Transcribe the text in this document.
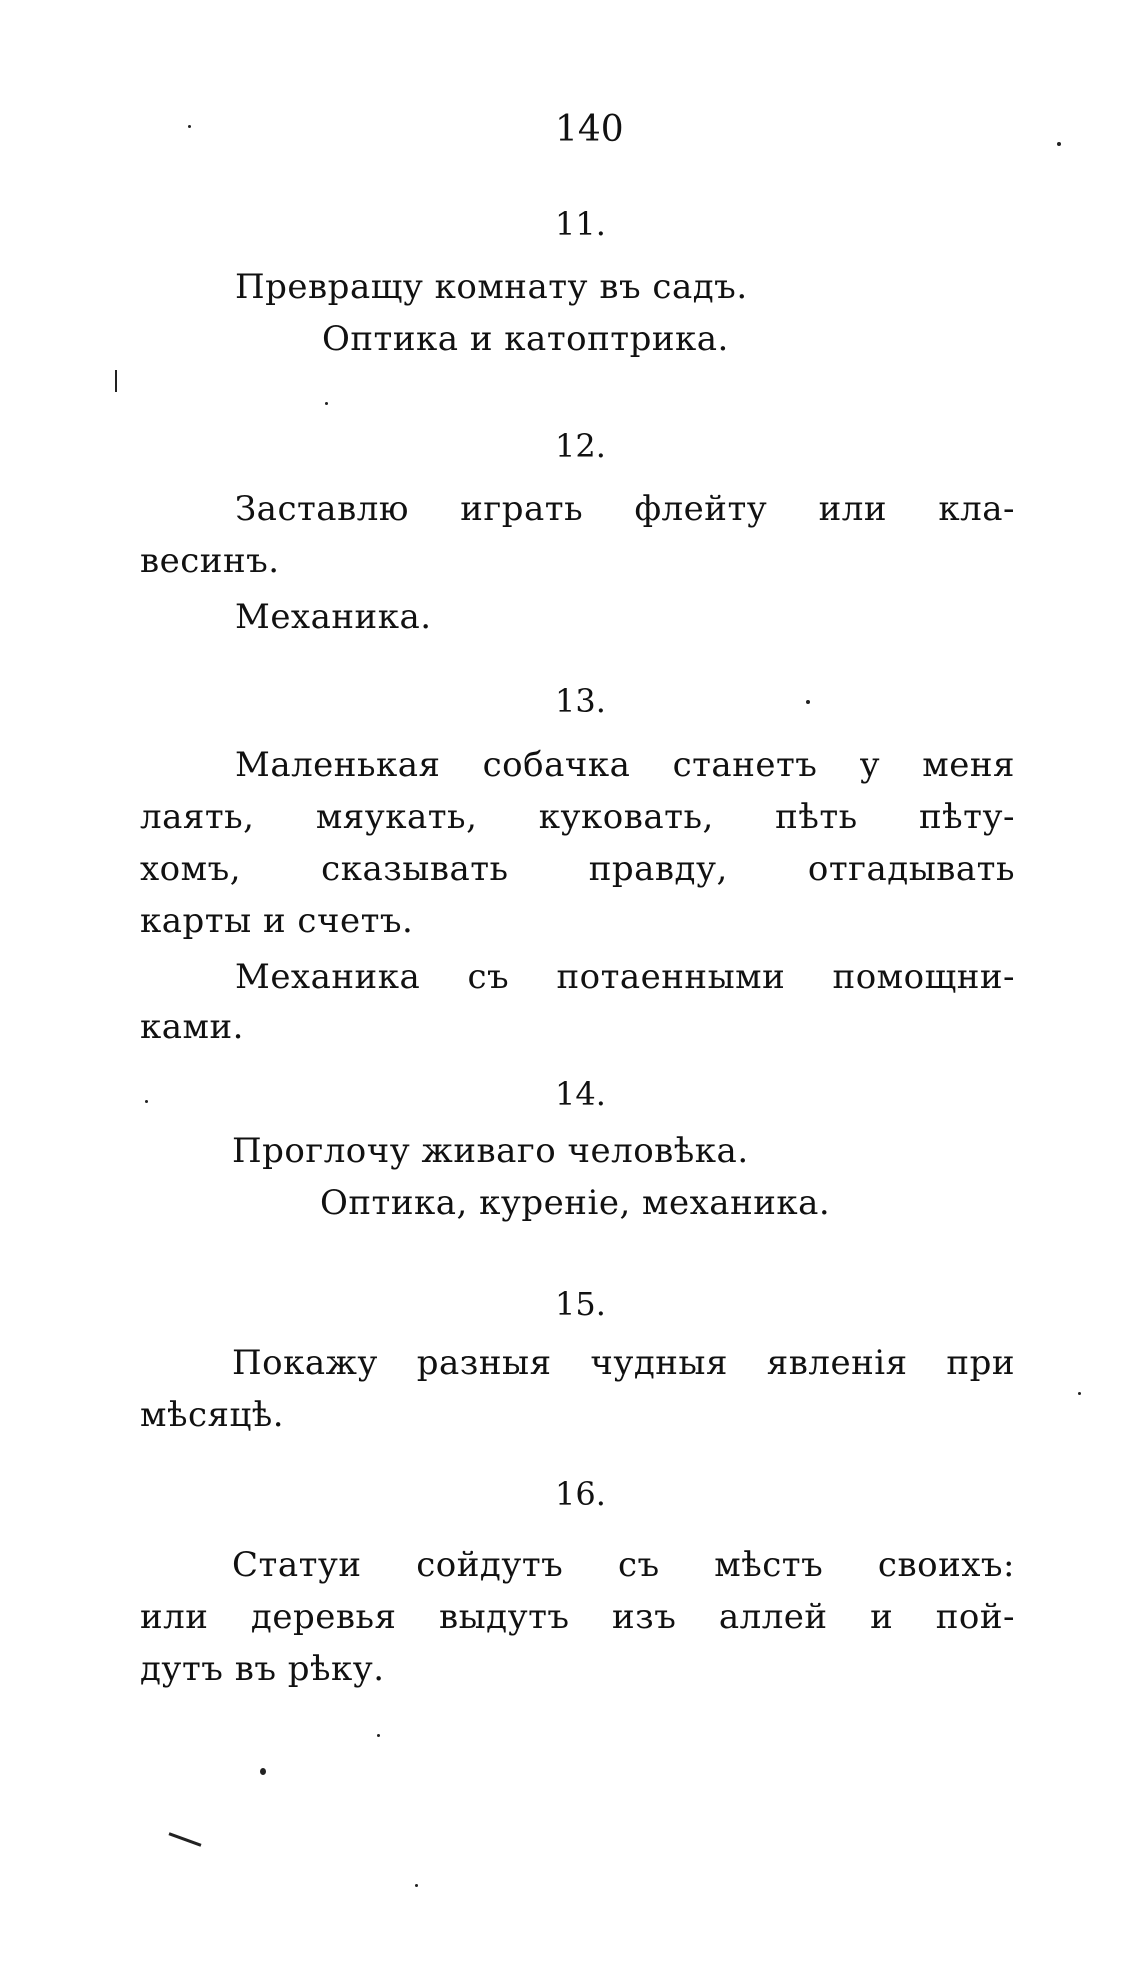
140
11.
Превращу комнату въ садъ.
Оптика и катоптрика.
12.
Заставлю играть флейту или кла-
весинъ.
Механика.
13.
Маленькая собачка станетъ у меня
лаять, мяукать, куковать, пѣть пѣту-
хомъ, сказывать правду, отгадывать
карты и счетъ.
Механика съ потаенными помощни-
ками.
14.
Проглочу живаго человѣка.
Оптика, куреніе, механика.
15.
Покажу разныя чудныя явленія при
мѣсяцѣ.
16.
Статуи сойдутъ съ мѣстъ своихъ:
или деревья выдутъ изъ аллей и пой-
дутъ въ рѣку.
